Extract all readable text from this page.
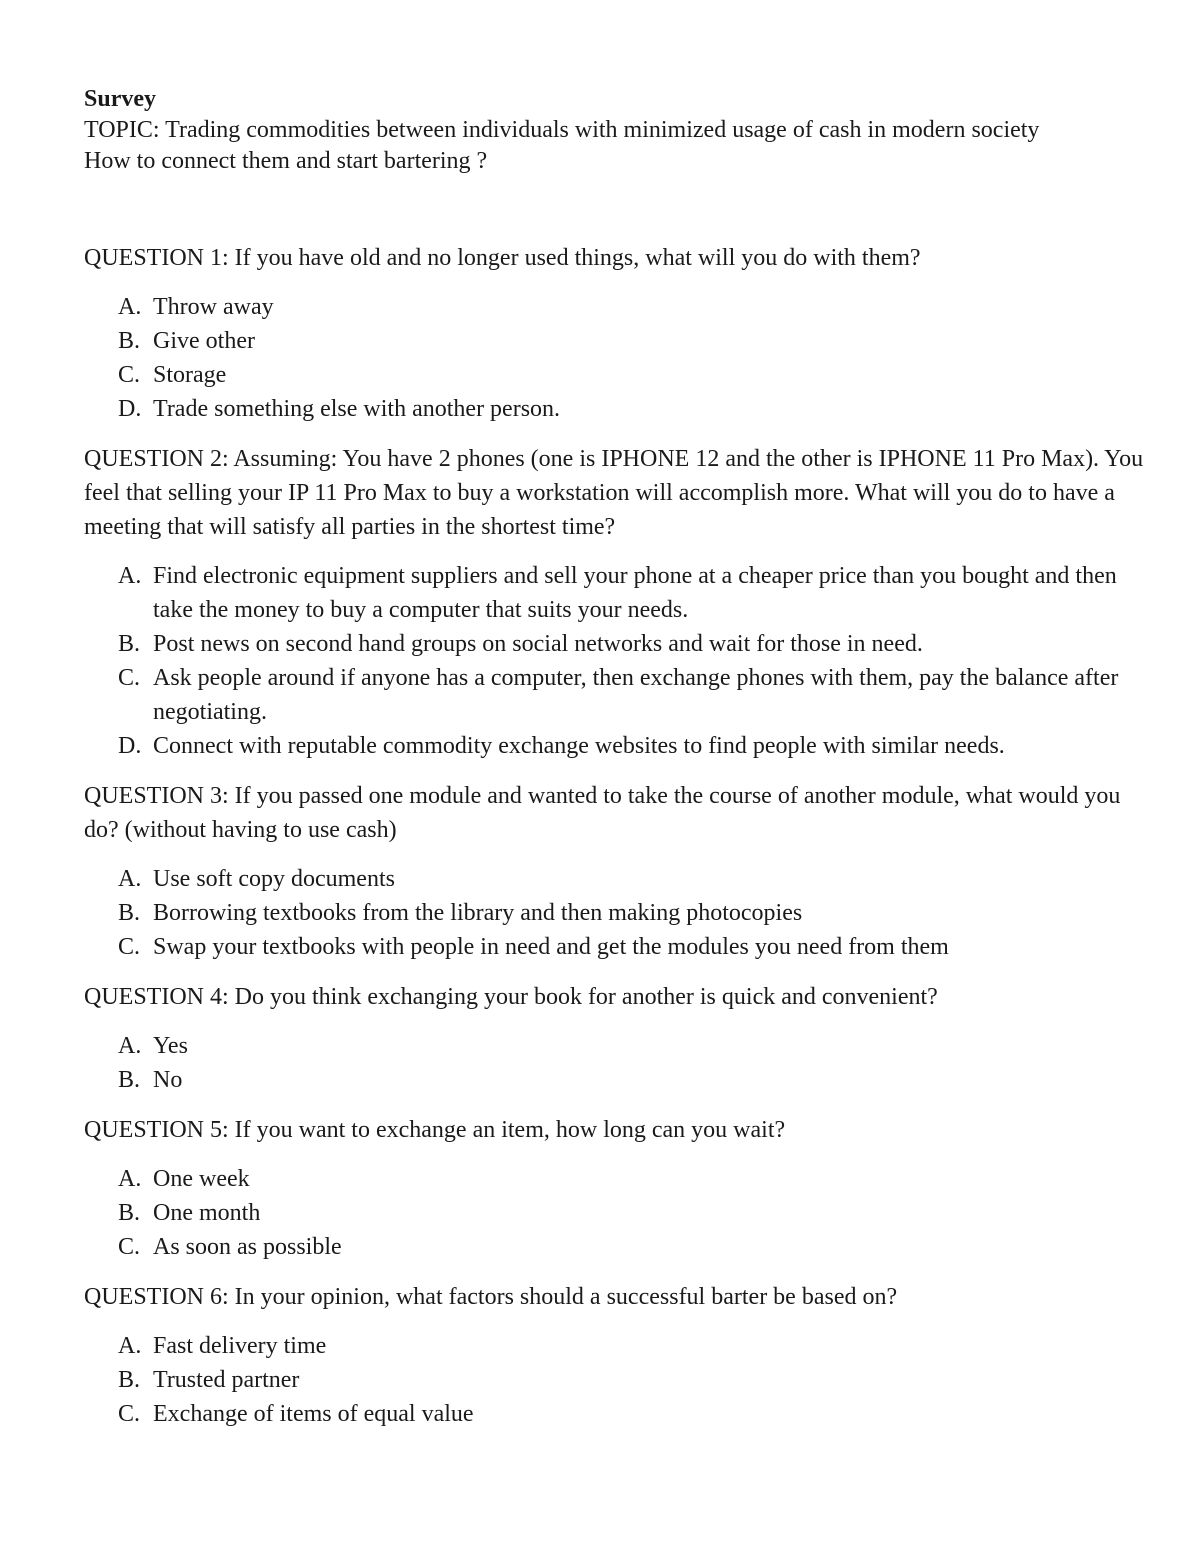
Survey

TOPIC: Trading commodities between individuals with minimized usage of cash in modern society

How to connect them and start bartering ?

QUESTION 1: If you have old and no longer used things, what will you do with them?

A. Throw away
B. Give other
C. Storage
D. Trade something else with another person.

QUESTION 2: Assuming: You have 2 phones (one is IPHONE 12 and the other is IPHONE 11 Pro Max). You feel that selling your IP 11 Pro Max to buy a workstation will accomplish more. What will you do to have a meeting that will satisfy all parties in the shortest time?

A. Find electronic equipment suppliers and sell your phone at a cheaper price than you bought and then take the money to buy a computer that suits your needs.
B. Post news on second hand groups on social networks and wait for those in need.
C. Ask people around if anyone has a computer, then exchange phones with them, pay the balance after negotiating.
D. Connect with reputable commodity exchange websites to find people with similar needs.

QUESTION 3: If you passed one module and wanted to take the course of another module, what would you do? (without having to use cash)

A. Use soft copy documents
B. Borrowing textbooks from the library and then making photocopies
C. Swap your textbooks with people in need and get the modules you need from them

QUESTION 4: Do you think exchanging your book for another is quick and convenient?

A. Yes
B. No

QUESTION 5: If you want to exchange an item, how long can you wait?

A. One week
B. One month
C. As soon as possible

QUESTION 6: In your opinion, what factors should a successful barter be based on?

A. Fast delivery time
B. Trusted partner
C. Exchange of items of equal value
